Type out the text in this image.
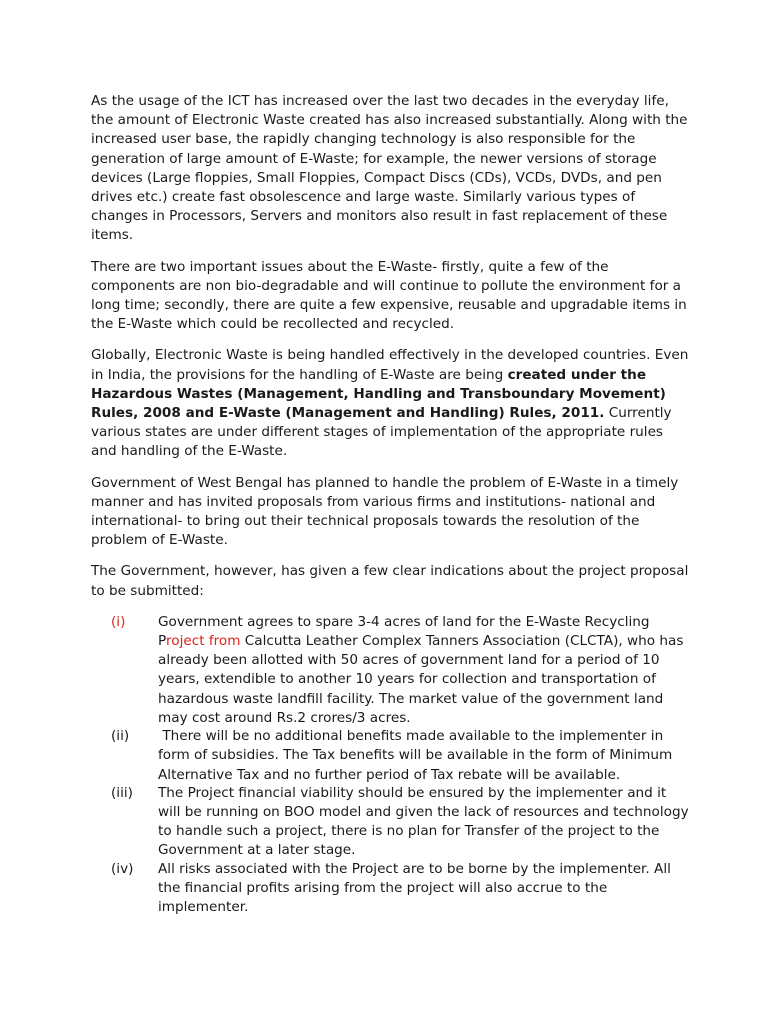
As the usage of the ICT has increased over the last two decades in the everyday life, the amount of Electronic Waste created has also increased substantially. Along with the increased user base, the rapidly changing technology is also responsible for the generation of large amount of E-Waste; for example, the newer versions of storage devices (Large floppies, Small Floppies, Compact Discs (CDs), VCDs, DVDs, and pen drives etc.) create fast obsolescence and large waste. Similarly various types of changes in Processors, Servers and monitors also result in fast replacement of these items.

There are two important issues about the E-Waste- firstly, quite a few of the components are non bio-degradable and will continue to pollute the environment for a long time; secondly, there are quite a few expensive, reusable and upgradable items in the E-Waste which could be recollected and recycled.

Globally, Electronic Waste is being handled effectively in the developed countries. Even in India, the provisions for the handling of E-Waste are being created under the Hazardous Wastes (Management, Handling and Transboundary Movement) Rules, 2008 and E-Waste (Management and Handling) Rules, 2011. Currently various states are under different stages of implementation of the appropriate rules and handling of the E-Waste.

Government of West Bengal has planned to handle the problem of E-Waste in a timely manner and has invited proposals from various firms and institutions- national and international- to bring out their technical proposals towards the resolution of the problem of E-Waste.

The Government, however, has given a few clear indications about the project proposal to be submitted:

(i)	Government agrees to spare 3-4 acres of land for the E-Waste Recycling Project from Calcutta Leather Complex Tanners Association (CLCTA), who has already been allotted with 50 acres of government land for a period of 10 years, extendible to another 10 years for collection and transportation of hazardous waste landfill facility. The market value of the government land may cost around Rs.2 crores/3 acres.
(ii)	There will be no additional benefits made available to the implementer in form of subsidies. The Tax benefits will be available in the form of Minimum Alternative Tax and no further period of Tax rebate will be available.
(iii)	The Project financial viability should be ensured by the implementer and it will be running on BOO model and given the lack of resources and technology to handle such a project, there is no plan for Transfer of the project to the Government at a later stage.
(iv)	All risks associated with the Project are to be borne by the implementer. All the financial profits arising from the project will also accrue to the implementer.
